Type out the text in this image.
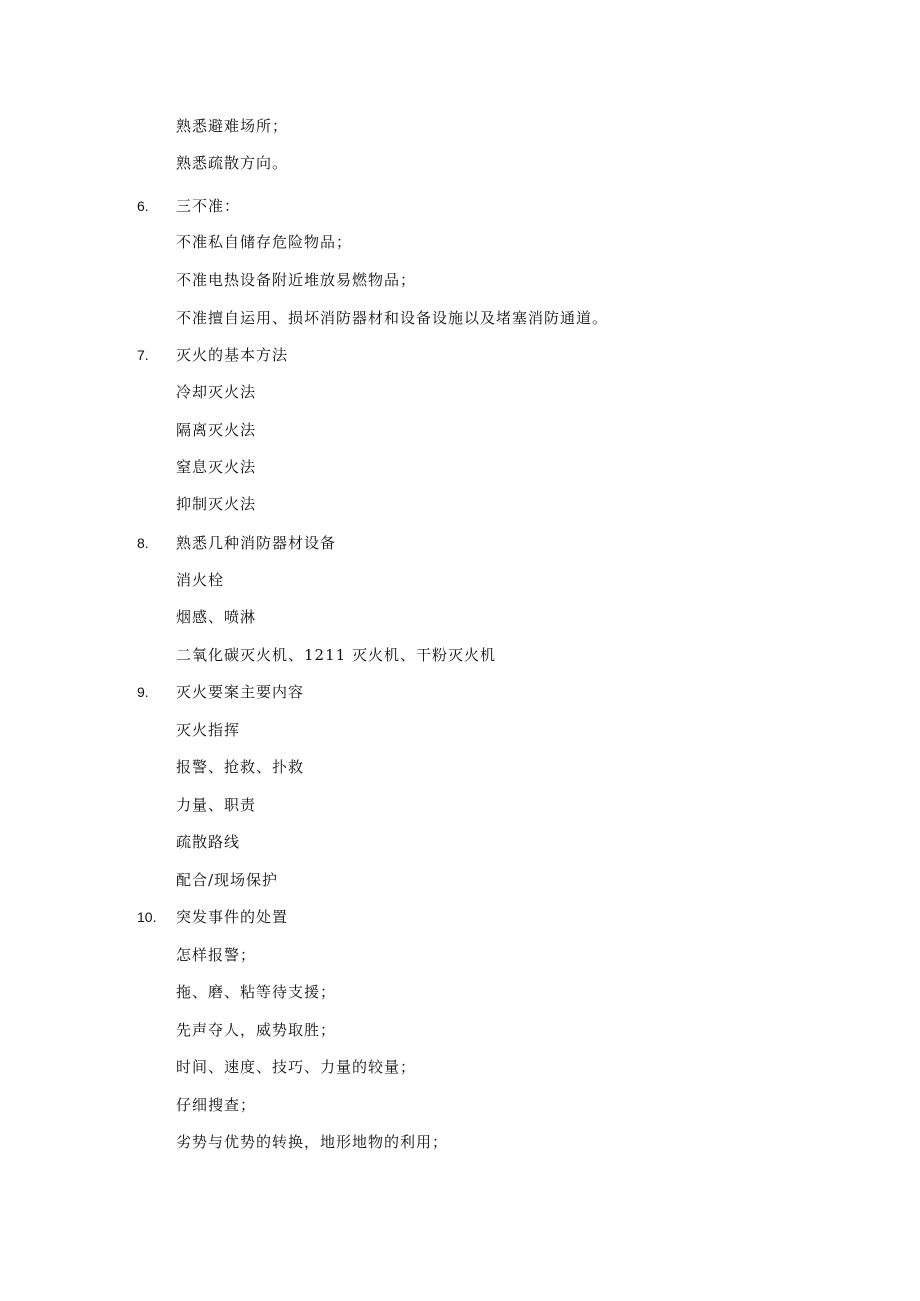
熟悉避难场所；
熟悉疏散方向。
6. 三不准：
不准私自储存危险物品；
不准电热设备附近堆放易燃物品；
不准擅自运用、损坏消防器材和设备设施以及堵塞消防通道。
7. 灭火的基本方法
冷却灭火法
隔离灭火法
窒息灭火法
抑制灭火法
8. 熟悉几种消防器材设备
消火栓
烟感、喷淋
二氧化碳灭火机、1211 灭火机、干粉灭火机
9. 灭火要案主要内容
灭火指挥
报警、抢救、扑救
力量、职责
疏散路线
配合/现场保护
10. 突发事件的处置
怎样报警；
拖、磨、粘等待支援；
先声夺人，威势取胜；
时间、速度、技巧、力量的较量；
仔细搜查；
劣势与优势的转换，地形地物的利用；
